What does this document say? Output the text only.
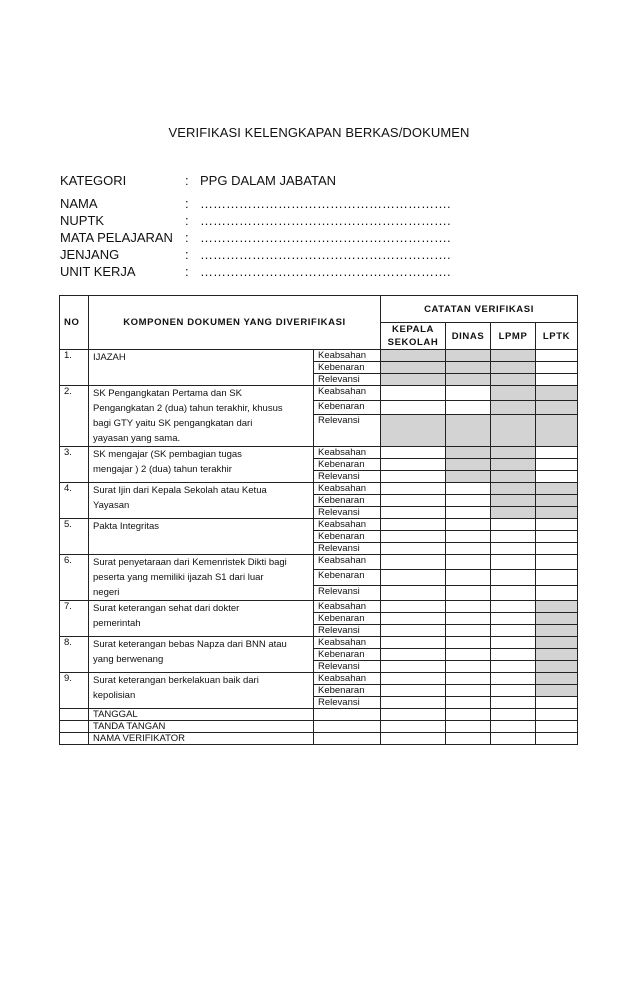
VERIFIKASI KELENGKAPAN BERKAS/DOKUMEN
KATEGORI	: PPG DALAM JABATAN
NAMA	: ………………………………………………….
NUPTK	: ………………………………………………….
MATA PELAJARAN : ………………………………………………….
JENJANG	: ………………………………………………….
UNIT KERJA	: ………………………………………………….
NO	KOMPONEN DOKUMEN YANG DIVERIFIKASI		CATATAN VERIFIKASI			
			KEPALA SEKOLAH	DINAS	LPMP	LPTK
1.	IJAZAH	Keabsahan				
		Kebenaran				
		Relevansi				
2.	SK Pengangkatan Pertama dan SK
Pengangkatan 2 (dua) tahun terakhir, khusus
bagi GTY yaitu SK pengangkatan dari
yayasan yang sama.	Keabsahan				
		Kebenaran				
		Relevansi				
3.	SK mengajar (SK pembagian tugas
mengajar ) 2 (dua) tahun terakhir	Keabsahan				
		Kebenaran				
		Relevansi				
4.	Surat Ijin dari Kepala Sekolah atau Ketua
Yayasan	Keabsahan				
		Kebenaran				
		Relevansi				
5.	Pakta Integritas	Keabsahan				
		Kebenaran				
		Relevansi				
6.	Surat penyetaraan dari Kemenristek Dikti bagi
peserta yang memiliki ijazah S1 dari luar
negeri	Keabsahan				
		Kebenaran				
		Relevansi				
7.	Surat keterangan sehat dari dokter
pemerintah	Keabsahan				
		Kebenaran				
		Relevansi				
8.	Surat keterangan bebas Napza dari BNN atau
yang berwenang	Keabsahan				
		Kebenaran				
		Relevansi				
9.	Surat keterangan berkelakuan baik dari
kepolisian	Keabsahan				
		Kebenaran				
		Relevansi				
	TANGGAL					
	TANDA TANGAN					
	NAMA VERIFIKATOR					
